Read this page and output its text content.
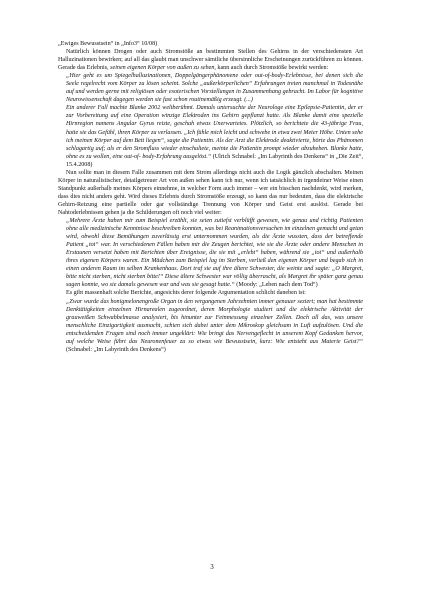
„Ewiges Bewusstsein“ in „Info3“ 10/08)

Natürlich können Drogen oder auch Stromstöße an bestimmten Stellen des Gehirns in der verschiedensten Art Halluzinationen bewirken; auf all das glaubt man unschwer sämtliche übersinnliche Erscheinungen zurückführen zu können. Gerade das Erlebnis, seinen eigenen Körper von außen zu sehen, kann auch durch Stromstöße bewirkt werden:

„Hier geht es um Spiegelhalluzinationen, Doppelgängerphänomene oder out-of-body-Erlebnisse, bei denen sich die Seele regelrecht vom Körper zu lösen scheint. Solche „außerkörperlichen“ Erfahrungen treten manchmal in Todesnähe auf und werden gerne mit religiösen oder esoterischen Vorstellungen in Zusammenhang gebracht. Im Labor für kognitive Neurowissenschaft dagegen werden sie fast schon routinemäßig erzeugt. (...)

Ein anderer Fall machte Blanke 2002 weltberühmt. Damals untersuchte der Neurologe eine Epilepsie-Patientin, der er zur Vorbereitung auf eine Operation winzige Elektroden ins Gehirn gepflanzt hatte. Als Blanke damit eine spezielle Hirnregion namens Angular Gyrus reizte, geschah etwas Unerwartetes. Plötzlich, so berichtete die 43-jährige Frau, hatte sie das Gefühl, ihren Körper zu verlassen. „Ich fühle mich leicht und schwebe in etwa zwei Meter Höhe. Unten sehe ich meinen Körper auf dem Bett liegen“, sagte die Patientin. Als der Arzt die Elektrode deaktivierte, hörte das Phänomen schlagartig auf; als er den Stromfluss wieder einschaltete, meinte die Patientin prompt wieder abzuheben. Blanke hatte, ohne es zu wollen, eine out-of- body-Erfahrung ausgelöst.“ (Ulrich Schnabel: „Im Labyrinth des Denkens“ in „Die Zeit“, 15.4.2008)

Nun sollte man in diesem Falle zusammen mit dem Strom allerdings nicht auch die Logik gänzlich abschalten. Meinen Körper in naturalistischer, detailgetreuer Art von außen sehen kann ich nur, wenn ich tatsächlich in irgendeiner Weise einen Standpunkt außerhalb meines Körpers einnehme, in welcher Form auch immer – wer ein bisschen nachdenkt, wird merken, dass dies nicht anders geht. Wird dieses Erlebnis durch Stromstöße erzeugt, so kann das nur bedeuten, dass die elektrische Gehirn-Reizung eine partielle oder gar vollständige Trennung von Körper und Geist erst auslöst. Gerade bei Nahtoderlebnissen gehen ja die Schilderungen oft noch viel weiter:

„Mehrere Ärzte haben mir zum Beispiel erzählt, sie seien zutiefst verblüfft gewesen, wie genau und richtig Patienten ohne alle medizinische Kenntnisse beschreiben konnten, was bei Reanimationsversuchen im einzelnen gemacht und getan wird, obwohl diese Bemühungen zuverlässig erst unternommen wurden, als die Ärzte wussten, dass der betreffende Patient „tot“ war. In verschiedenen Fällen haben mir die Zeugen berichtet, wie sie die Ärzte oder andere Menschen in Erstaunen versetzt haben mit Berichten über Ereignisse, die sie mit „erlebt“ haben, während sie „tot“ und außerhalb ihres eigenen Körpers waren. Ein Mädchen zum Beispiel lag im Sterben, verließ den eigenen Körper und begab sich in einen anderen Raum im selben Krankenhaus. Dort traf sie auf ihre ältere Schwester, die weinte und sagte: „O Margret, bitte nicht sterben, nicht sterben bitte!“ Diese ältere Schwester war völlig überrascht, als Margret ihr später ganz genau sagen konnte, wo sie damals gewesen war und was sie gesagt hatte.“ (Moody: „Leben nach dem Tod“)

Es gibt massenhaft solche Berichte, angesichts derer folgende Argumentation schlicht daneben ist:

„Zwar wurde das honigmelonengroße Organ in den vergangenen Jahrzehnten immer genauer seziert; man hat bestimmte Denktätigkeiten einzelnen Hirnarealen zugeordnet, deren Morphologie studiert und die elektrische Aktivität der grauweißen Schwabbelmasse analysiert, bis hinunter zur Feinmessung einzelner Zellen. Doch all das, was unsere menschliche Einzigartigkeit ausmacht, schien sich dabei unter dem Mikroskop gleichsam in Luft aufzulösen. Und die entscheidenden Fragen sind noch immer ungeklärt: Wie bringt das Nervengeflecht in unserem Kopf Gedanken hervor, auf welche Weise führt das Neuronenfeuer zu so etwas wie Bewusstsein, kurz: Wie entsteht aus Materie Geist?“ (Schnabel: „Im Labyrinth des Denkens“)

3
